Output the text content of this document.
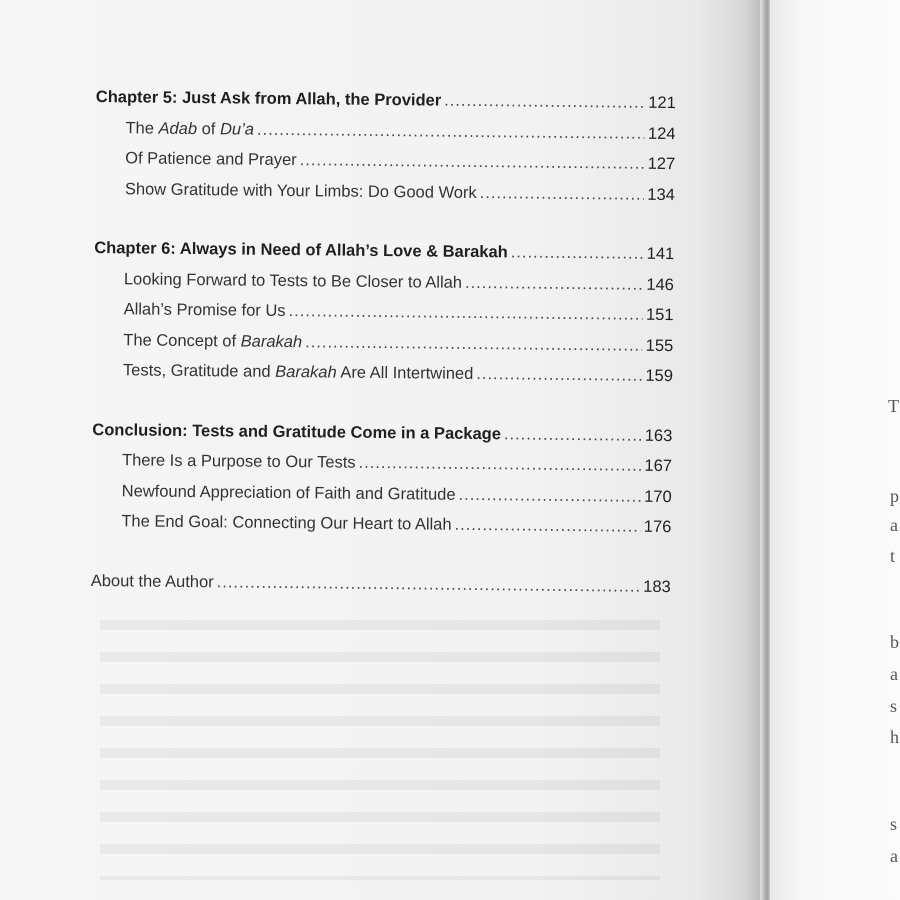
T
p
a
t
b
a
s
h
s
a
Chapter 5: Just Ask from Allah, the Provider .....	121
The Adab of Du’a .....	124
Of Patience and Prayer .....	127
Show Gratitude with Your Limbs: Do Good Work .....	134
Chapter 6: Always in Need of Allah’s Love & Barakah .....	141
Looking Forward to Tests to Be Closer to Allah .....	146
Allah’s Promise for Us .....	151
The Concept of Barakah .....	155
Tests, Gratitude and Barakah Are All Intertwined .....	159
Conclusion: Tests and Gratitude Come in a Package .....	163
There Is a Purpose to Our Tests .....	167
Newfound Appreciation of Faith and Gratitude .....	170
The End Goal: Connecting Our Heart to Allah .....	176
About the Author .....	183
